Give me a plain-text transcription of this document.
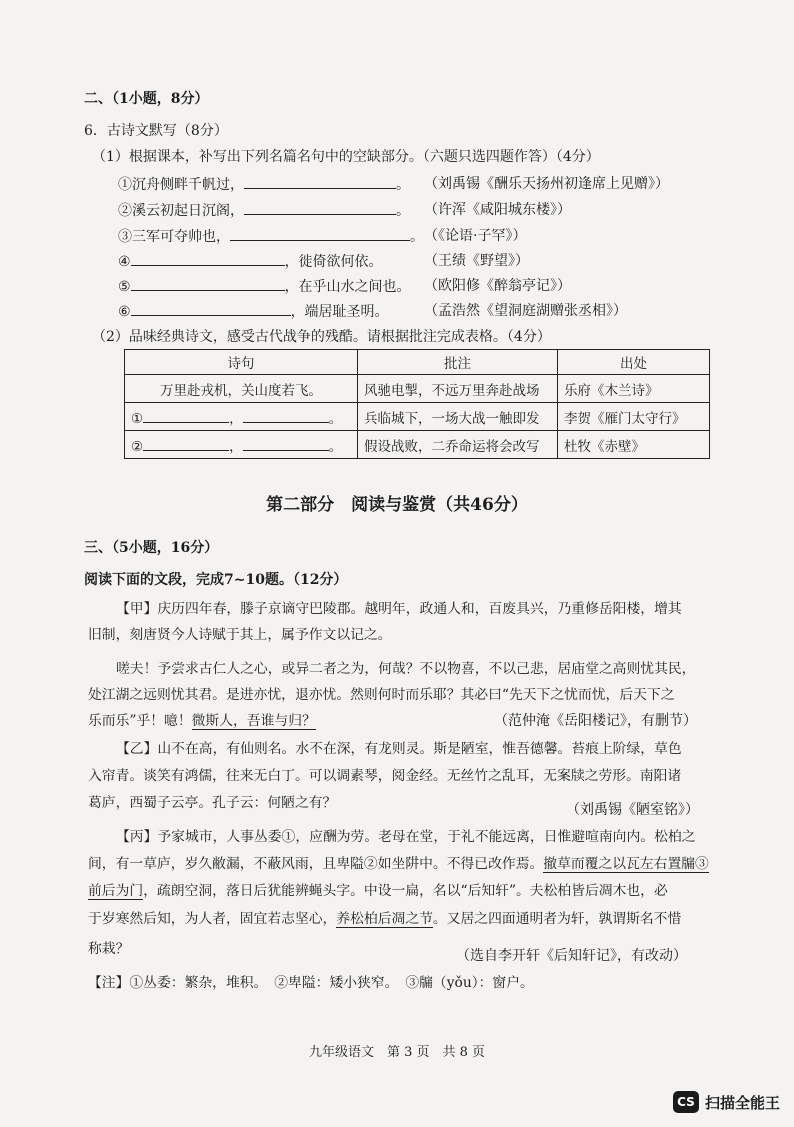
二、（1小题，8分）
6．古诗文默写（8分）
（1）根据课本，补写出下列名篇名句中的空缺部分。（六题只选四题作答）（4分）
①沉舟侧畔千帆过，	。 （刘禹锡《酬乐天扬州初逢席上见赠》）
②溪云初起日沉阁，	。 （许浑《咸阳城东楼》）
③三军可夺帅也，	。 （《论语·子罕》）
④	，徙倚欲何依。	（王绩《野望》）
⑤	，在乎山水之间也。 （欧阳修《醉翁亭记》）
⑥	，端居耻圣明。	（孟浩然《望洞庭湖赠张丞相》）
（2）品味经典诗文，感受古代战争的残酷。请根据批注完成表格。（4分）
诗句	批注	出处
万里赴戎机，关山度若飞。	风驰电掣，不远万里奔赴战场	乐府《木兰诗》
① ， 。	兵临城下，一场大战一触即发	李贺《雁门太守行》
② ， 。	假设战败，二乔命运将会改写	杜牧《赤壁》
第二部分　阅读与鉴赏（共46分）
三、（5小题，16分）
阅读下面的文段，完成7~10题。（12分）
【甲】庆历四年春，滕子京谪守巴陵郡。越明年，政通人和，百废具兴，乃重修岳阳楼，增其
旧制，刻唐贤今人诗赋于其上，属予作文以记之。
嗟夫！予尝求古仁人之心，或异二者之为，何哉？不以物喜，不以己悲，居庙堂之高则忧其民，
处江湖之远则忧其君。是进亦忧，退亦忧。然则何时而乐耶？其必曰“先天下之忧而忧，后天下之
乐而乐”乎！噫！微斯人，吾谁与归？	（范仲淹《岳阳楼记》，有删节）
【乙】山不在高，有仙则名。水不在深，有龙则灵。斯是陋室，惟吾德馨。苔痕上阶绿，草色
入帘青。谈笑有鸿儒，往来无白丁。可以调素琴，阅金经。无丝竹之乱耳，无案牍之劳形。南阳诸
葛庐，西蜀子云亭。孔子云：何陋之有？	（刘禹锡《陋室铭》）
【丙】予家城市，人事丛委①，应酬为劳。老母在堂，于礼不能远离，日惟避喧南向内。松柏之
间，有一草庐，岁久敝漏，不蔽风雨，且卑隘②如坐阱中。不得已改作焉。撤草而覆之以瓦左右置牖③
前后为门，疏朗空洞，落日后犹能辨蝇头字。中设一扁，名以“后知轩”。夫松柏皆后凋木也，必
于岁寒然后知，为人者，固宜若志坚心，养松柏后凋之节。又居之四面通明者为轩，孰谓斯名不惜
称栽？	（选自李开轩《后知轩记》，有改动）
【注】①丛委：繁杂，堆积。　②卑隘：矮小狭窄。　③牖（yǒu）：窗户。
九年级语文　第 3 页　共 8 页
CS 扫描全能王
